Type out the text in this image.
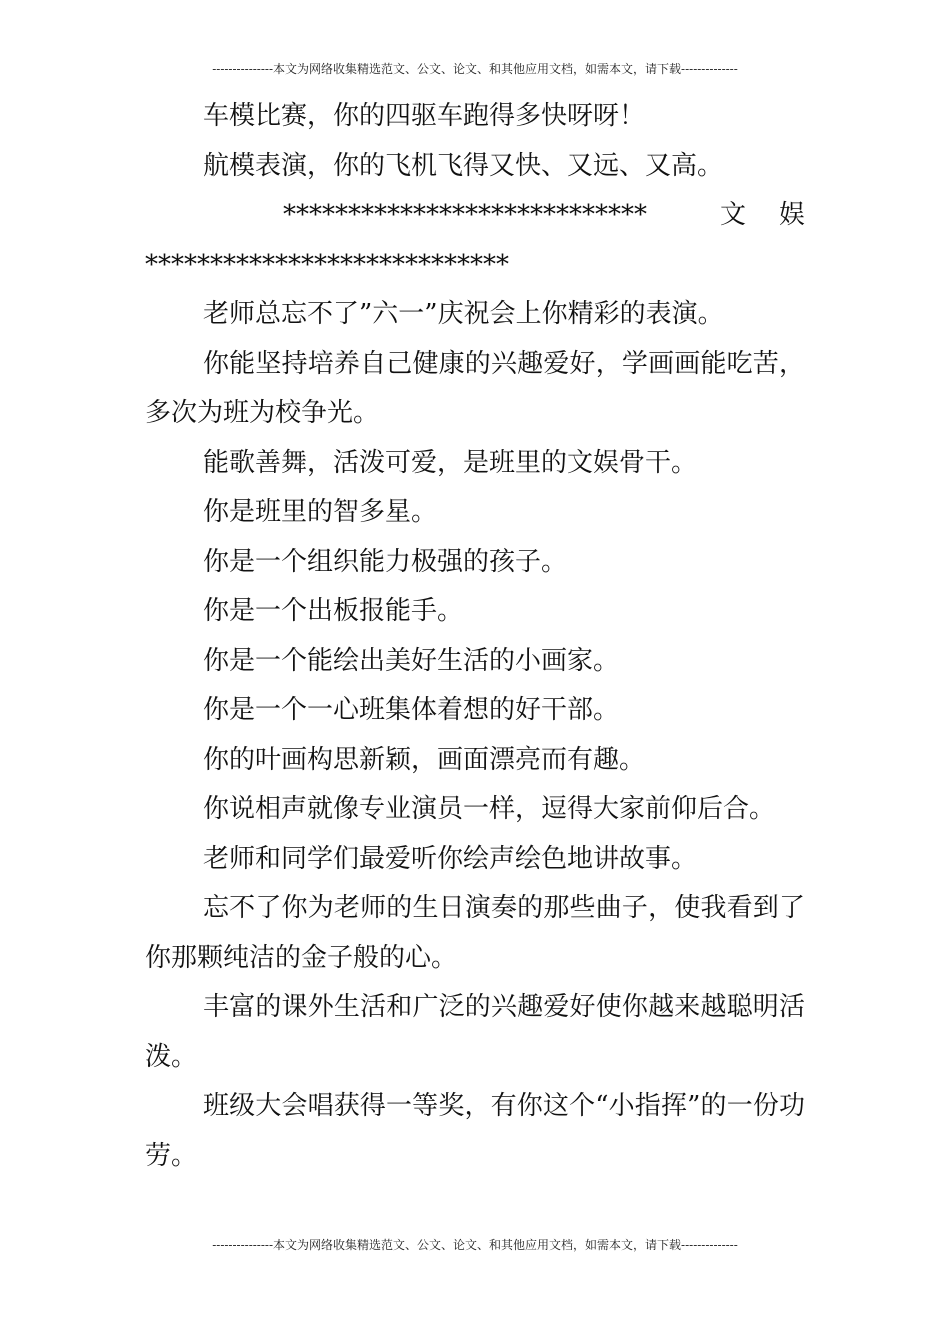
---------------本文为网络收集精选范文、公文、论文、和其他应用文档，如需本文，请下载--------------

车模比赛，你的四驱车跑得多快呀呀！

航模表演，你的飞机飞得又快、又远、又高。

****************************	文 娱
****************************

老师总忘不了”六一”庆祝会上你精彩的表演。

你能坚持培养自己健康的兴趣爱好，学画画能吃苦，多次为班为校争光。

能歌善舞，活泼可爱，是班里的文娱骨干。

你是班里的智多星。

你是一个组织能力极强的孩子。

你是一个出板报能手。

你是一个能绘出美好生活的小画家。

你是一个一心班集体着想的好干部。

你的叶画构思新颖，画面漂亮而有趣。

你说相声就像专业演员一样，逗得大家前仰后合。

老师和同学们最爱听你绘声绘色地讲故事。

忘不了你为老师的生日演奏的那些曲子，使我看到了你那颗纯洁的金子般的心。

丰富的课外生活和广泛的兴趣爱好使你越来越聪明活泼。

班级大会唱获得一等奖，有你这个“小指挥”的一份功劳。

---------------本文为网络收集精选范文、公文、论文、和其他应用文档，如需本文，请下载--------------
